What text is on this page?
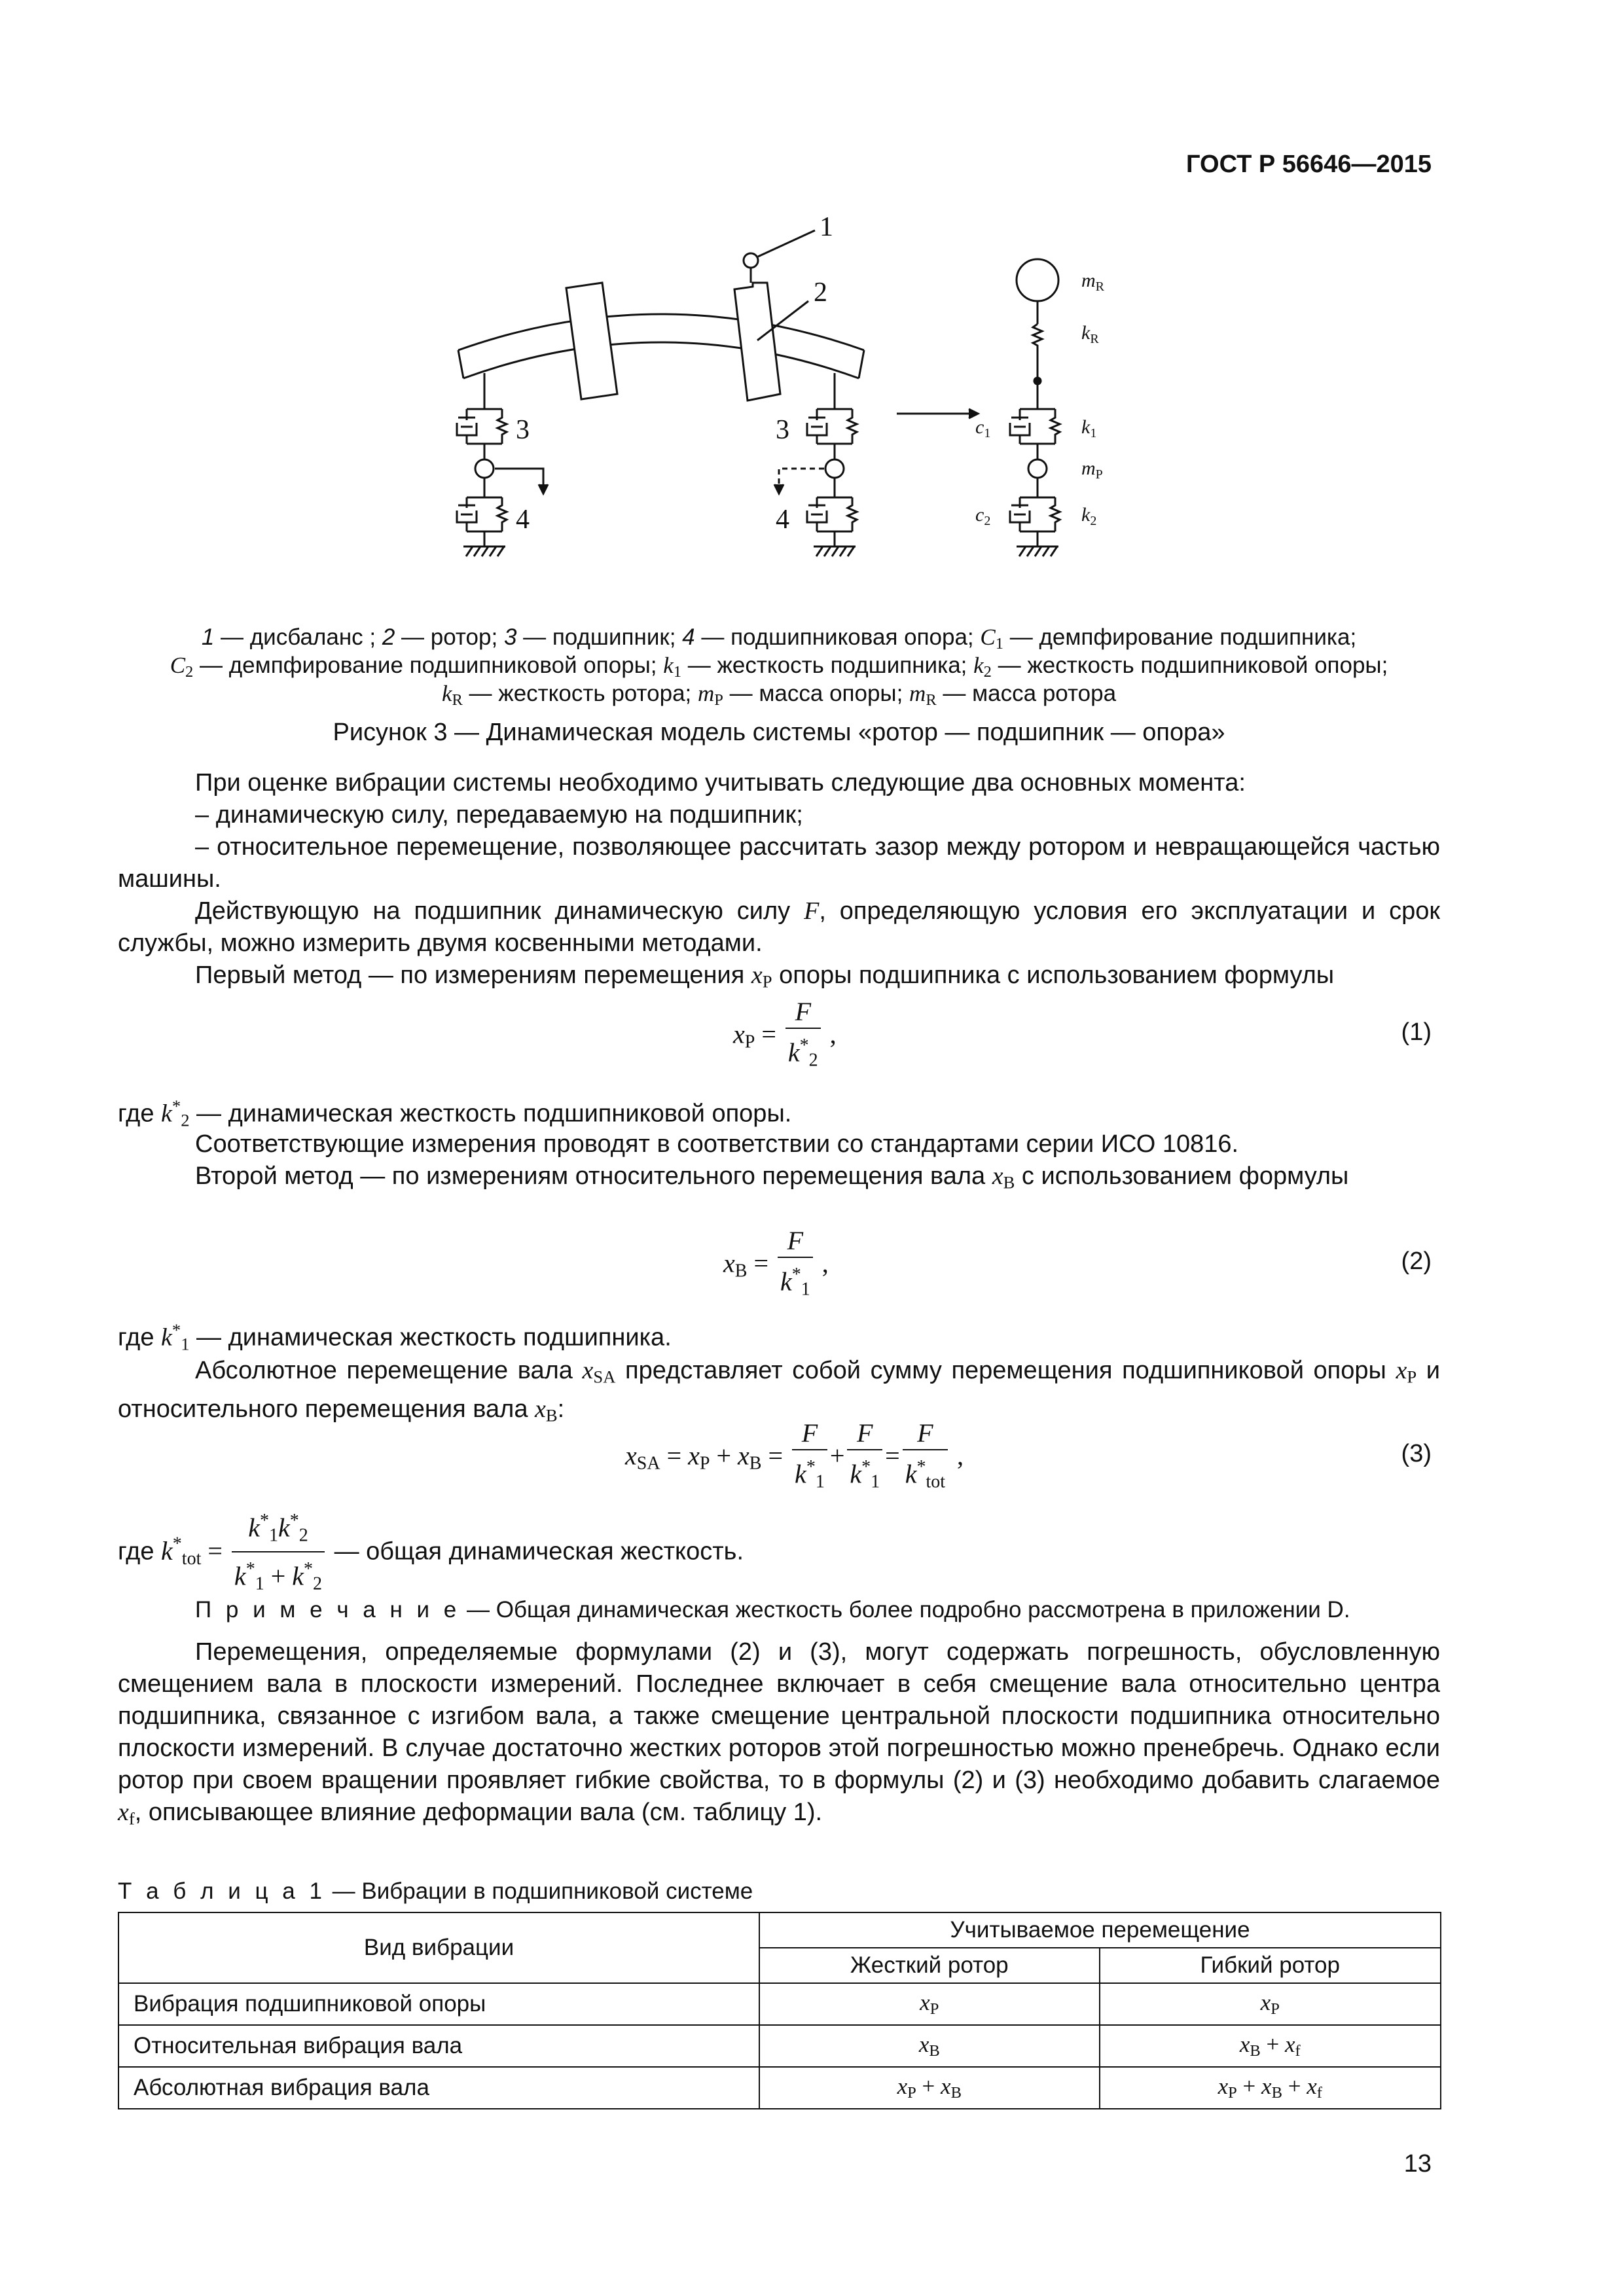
ГОСТ Р 56646—2015
1
2
3	3
4	4
$m_R$
$k_R$
$c_1$	$k_1$
$m_P$
$c_2$	$k_2$
1 — дисбаланс ; 2 — ротор; 3 — подшипник; 4 — подшипниковая опора; $C_1$ — демпфирование подшипника;
$C_2$ — демпфирование подшипниковой опоры; $k_1$ — жесткость подшипника; $k_2$ — жесткость подшипниковой опоры;
$k_R$ — жесткость ротора; $m_P$ — масса опоры; $m_R$ — масса ротора
Рисунок 3 — Динамическая модель системы «ротор — подшипник — опора»
При оценке вибрации системы необходимо учитывать следующие два основных момента:
– динамическую силу, передаваемую на подшипник;
– относительное перемещение, позволяющее рассчитать зазор между ротором и невращающейся частью машины.
Действующую на подшипник динамическую силу F, определяющую условия его эксплуатации и срок службы, можно измерить двумя косвенными методами.
Первый метод — по измерениям перемещения $x_P$ опоры подшипника с использованием формулы
$x_P = \frac{F}{k^*_2}$ ,	(1)
где $k^*_2$ — динамическая жесткость подшипниковой опоры.
Соответствующие измерения проводят в соответствии со стандартами серии ИСО 10816.
Второй метод — по измерениям относительного перемещения вала $x_B$ с использованием формулы
$x_B = \frac{F}{k^*_1}$ ,	(2)
где $k^*_1$ — динамическая жесткость подшипника.
Абсолютное перемещение вала $x_{SA}$ представляет собой сумму перемещения подшипниковой опоры $x_P$ и относительного перемещения вала $x_B$:
$x_{SA} = x_P + x_B = \frac{F}{k^*_1} + \frac{F}{k^*_1} = \frac{F}{k^*_{tot}}$ ,	(3)
где $k^*_{tot} = \frac{k^*_1k^*_2}{k^*_1 + k^*_2}$ — общая динамическая жесткость.
П р и м е ч а н и е — Общая динамическая жесткость более подробно рассмотрена в приложении D.
Перемещения, определяемые формулами (2) и (3), могут содержать погрешность, обусловленную смещением вала в плоскости измерений. Последнее включает в себя смещение вала относительно центра подшипника, связанное с изгибом вала, а также смещение центральной плоскости подшипника относительно плоскости измерений. В случае достаточно жестких роторов этой погрешностью можно пренебречь. Однако если ротор при своем вращении проявляет гибкие свойства, то в формулы (2) и (3) необходимо добавить слагаемое $x_f$, описывающее влияние деформации вала (см. таблицу 1).
Т а б л и ц а 1 — Вибрации в подшипниковой системе
Вид вибрации	Учитываемое перемещение	
	Жесткий ротор	Гибкий ротор
Вибрация подшипниковой опоры	$x_P$	$x_P$
Относительная вибрация вала	$x_B$	$x_B + x_f$
Абсолютная вибрация вала	$x_P + x_B$	$x_P + x_B + x_f$
13
